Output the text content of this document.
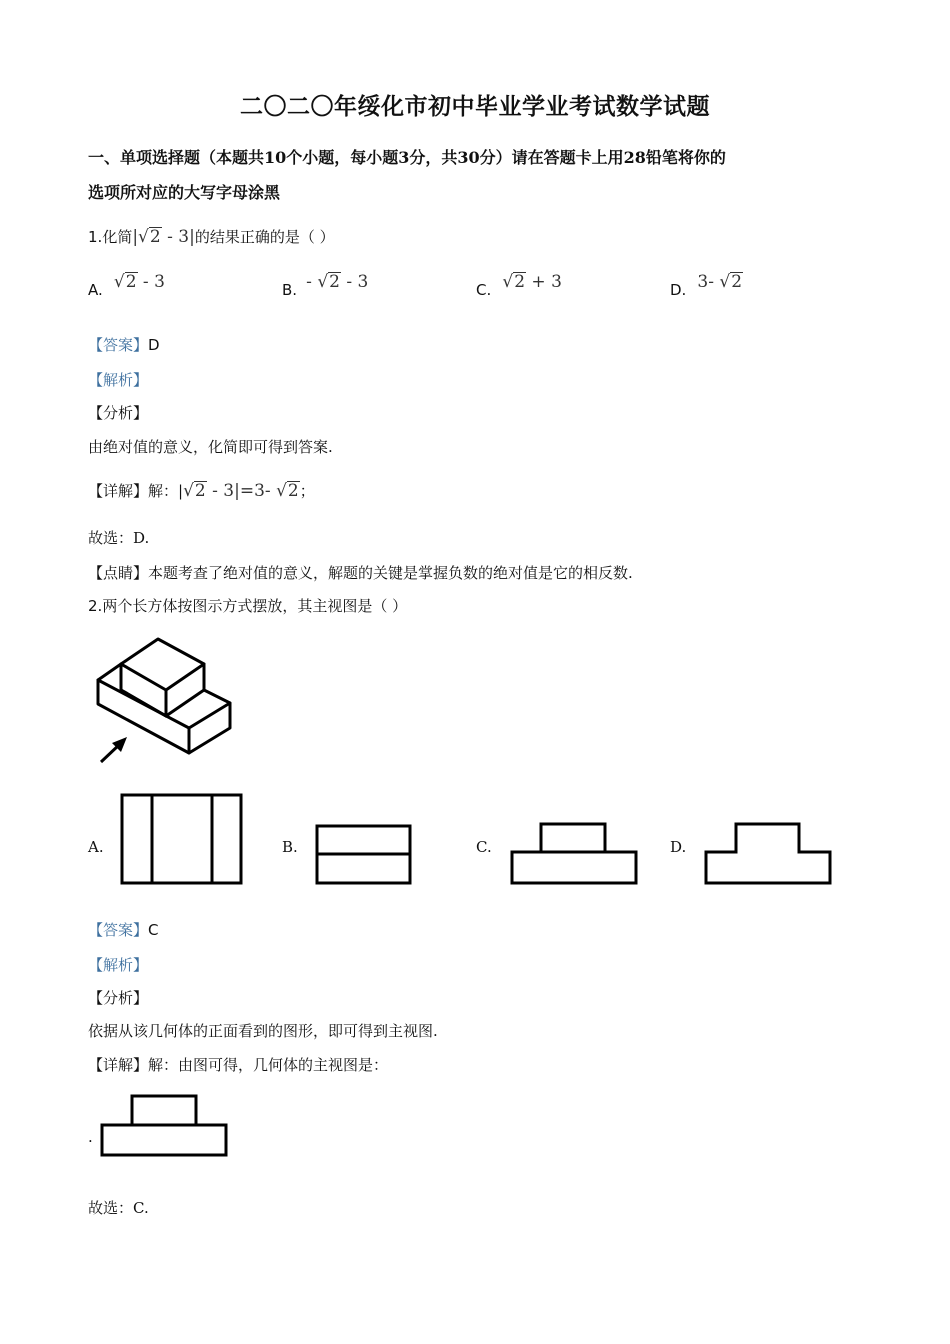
二〇二〇年绥化市初中毕业学业考试数学试题
一、单项选择题（本题共10个小题，每小题3分，共30分）请在答题卡上用28铅笔将你的
选项所对应的大写字母涂黑
1.化简|√2 - 3|的结果正确的是（ ）
A. √2 - 3	B. - √2 - 3	C. √2 + 3	D. 3- √2
【答案】D
【解析】
【分析】
由绝对值的意义，化简即可得到答案.
【详解】解：|√2 - 3|=3- √2；
故选：D.
【点睛】本题考查了绝对值的意义，解题的关键是掌握负数的绝对值是它的相反数.
2.两个长方体按图示方式摆放，其主视图是（ ）
A.	B.	C.	D.
【答案】C
【解析】
【分析】
依据从该几何体的正面看到的图形，即可得到主视图.
【详解】解：由图可得，几何体的主视图是：
.
故选：C.
